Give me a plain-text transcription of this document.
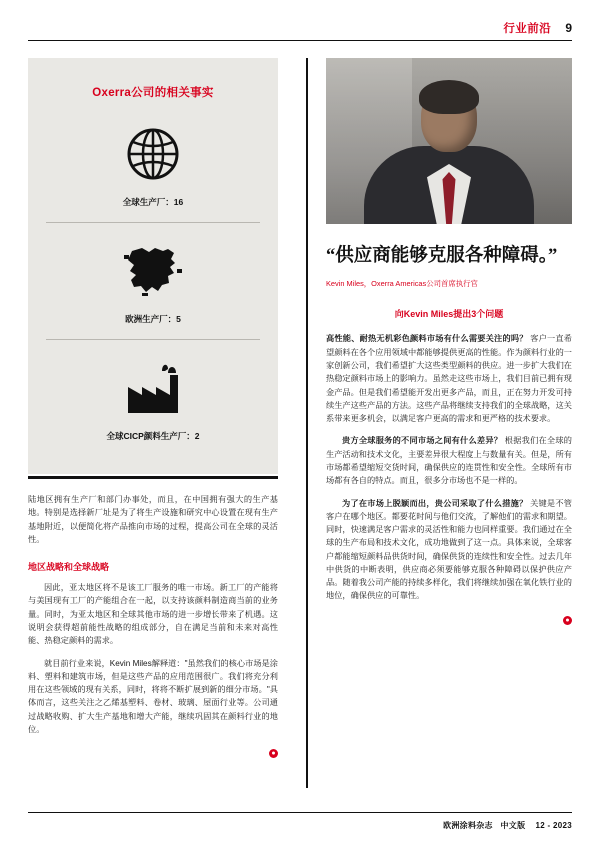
行业前沿 9
Oxerra公司的相关事实
全球生产厂：16
欧洲生产厂：5
全球CICP颜料生产厂：2

陆地区拥有生产厂和部门办事处，而且，在中国拥有强大的生产基地。特别是选择新厂址是为了将生产设施和研究中心设置在现有生产基地附近，以便简化将产品推向市场的过程，提高公司在全球的灵活性。

地区战略和全球战略

因此，亚太地区将不是该工厂服务的唯一市场。新工厂的产能将与美国现有工厂的产能组合在一起，以支持该颜料制造商当前的业务量。同时，为亚太地区和全球其他市场的进一步增长带来了机遇。这说明会获得超前能性战略的组成部分，自在满足当前和未来对高性能、热稳定颜料的需求。

就目前行业来说，Kevin Miles解释道："虽然我们的核心市场是涂料、塑料和建筑市场，但是这些产品的应用范围很广。我们将充分利用在这些领域的现有关系，同时，将将不断扩展到新的细分市场。"具体而言，这些关注之乙烯基塑料、卷材、玻璃、屋面行业等。公司通过战略收购、扩大生产基地和增大产能，继续巩固其在颜料行业的地位。

●
“供应商能够克服各种障碍。”
Kevin Miles，Oxerra Americas公司首席执行官
向Kevin Miles提出3个问题

高性能、耐热无机彩色颜料市场有什么需要关注的吗？ 客户一直希望颜料在各个应用领域中都能够提供更高的性能。作为颜料行业的一家创新公司，我们希望扩大这些类型颜料的供应。进一步扩大我们在热稳定颜料市场上的影响力。虽然走这些市场上，我们目前已拥有现金产品。但是我们希望能开发出更多产品，而且，正在努力开发可持续生产这些产品的方法。这些产品将继续支持我们的全球战略，这关系带来更多机会，以满足客户更高的需求和更严格的技术要求。

贵方全球服务的不同市场之间有什么差异？ 根据我们在全球的生产活动和技术文化，主要差异很大程度上与数量有关。但是，所有市场都希望缩短交货时间，确保供应的连贯性和安全性。全球所有市场都有各自的特点。而且，很多分市场也不是一样的。

为了在市场上脱颖而出，贵公司采取了什么措施？ 关键是不管客户在哪个地区。都要花时间与他们交流，了解他们的需求和期望。同时，快速满足客户需求的灵活性和能力也同样重要。我们通过在全球的生产布局和技术文化，成功地做到了这一点。具体来说，全球客户都能缩短颜料品供货时间，确保供货的连续性和安全性。过去几年中供货的中断表明，供应商必须要能够克服各种障碍以保护供应产品。随着我公司产能的持续多样化，我们将继续加强在氧化铁行业的地位，确保供应的可靠性。

●
欧洲涂料杂志 中文版 12 - 2023
